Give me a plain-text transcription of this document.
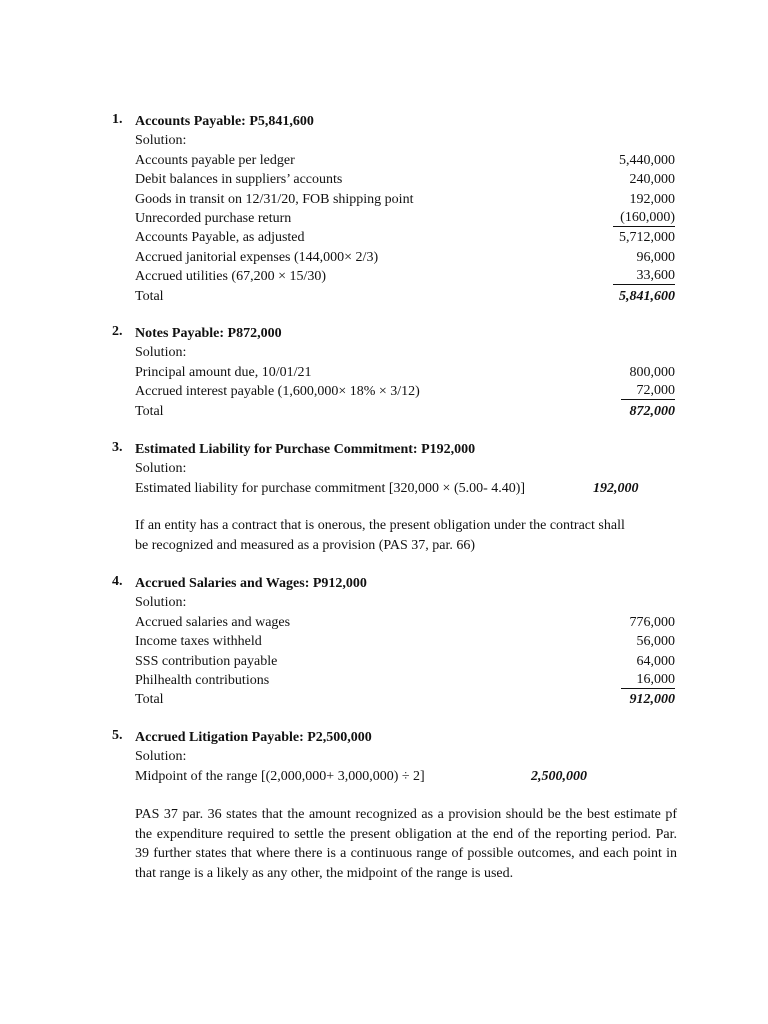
1. Accounts Payable: P5,841,600
Solution:
Accounts payable per ledger	5,440,000
Debit balances in suppliers’ accounts	240,000
Goods in transit on 12/31/20, FOB shipping point	192,000
Unrecorded purchase return	(160,000)
Accounts Payable, as adjusted	5,712,000
Accrued janitorial expenses (144,000× 2/3)	96,000
Accrued utilities (67,200 × 15/30)	33,600
Total	5,841,600
2. Notes Payable: P872,000
Solution:
Principal amount due, 10/01/21	800,000
Accrued interest payable (1,600,000× 18% × 3/12)	72,000
Total	872,000
3. Estimated Liability for Purchase Commitment: P192,000
Solution:
Estimated liability for purchase commitment [320,000 × (5.00- 4.40)]	192,000
If an entity has a contract that is onerous, the present obligation under the contract shall
be recognized and measured as a provision (PAS 37, par. 66)
4. Accrued Salaries and Wages: P912,000
Solution:
Accrued salaries and wages	776,000
Income taxes withheld	56,000
SSS contribution payable	64,000
Philhealth contributions	16,000
Total	912,000
5. Accrued Litigation Payable: P2,500,000
Solution:
Midpoint of the range [(2,000,000+ 3,000,000) ÷ 2]	2,500,000
PAS 37 par. 36 states that the amount recognized as a provision should be the best estimate pf the expenditure required to settle the present obligation at the end of the reporting period. Par. 39 further states that where there is a continuous range of possible outcomes, and each point in that range is a likely as any other, the midpoint of the range is used.
